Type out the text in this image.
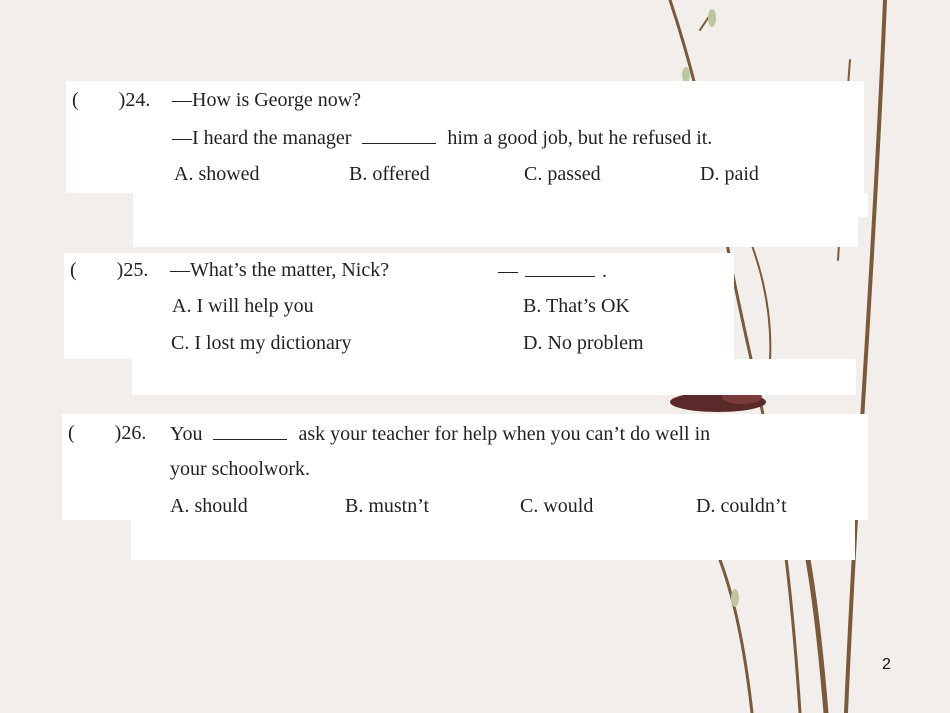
(　　)24. —How is George now?
—I heard the manager	him a good job, but he refused it.
A. showed	B. offered	C. passed	D. paid
(　　)25. —What’s the matter, Nick?	—	.
A. I will help you	B. That’s OK
C. I lost my dictionary	D. No problem
(　　)26. You	ask your teacher for help when you can’t do well in
your schoolwork.
A. should	B. mustn’t	C. would	D. couldn’t
2
